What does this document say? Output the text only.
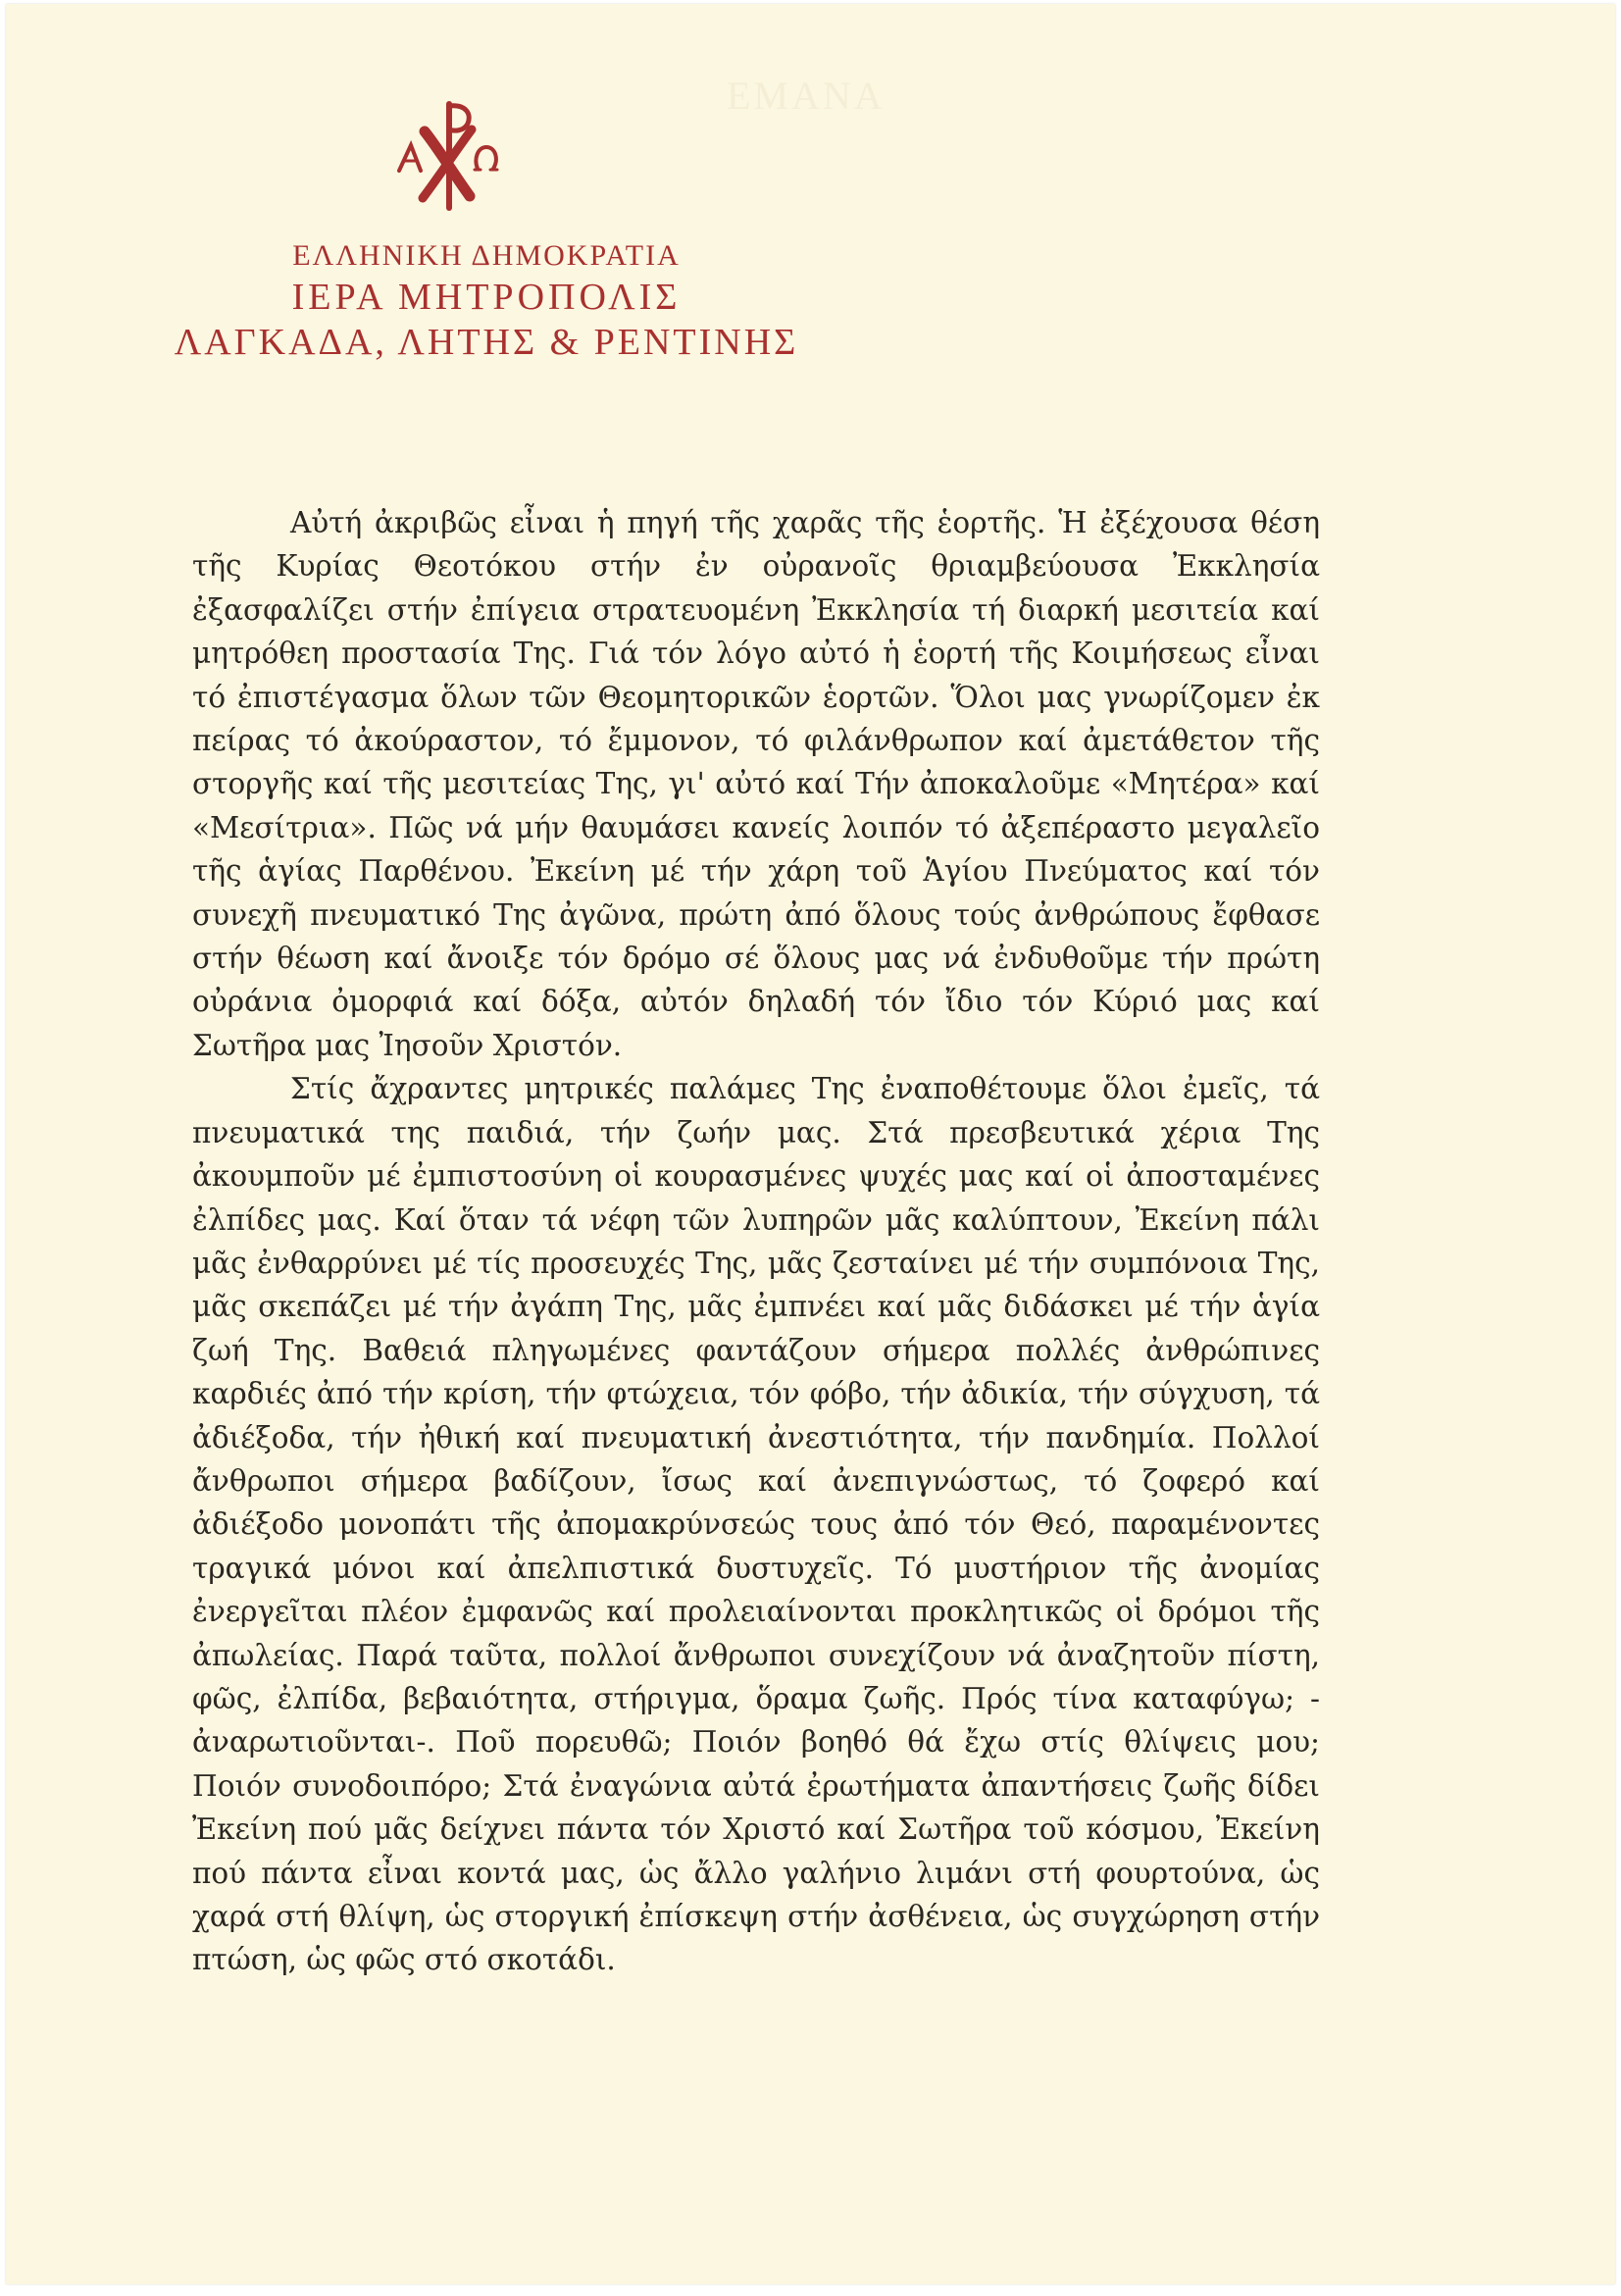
ΕΜΑΝΑ
ΕΛΛΗΝΙΚΗ ΔΗΜΟΚΡΑΤΙΑ
ΙΕΡΑ ΜΗΤΡΟΠΟΛΙΣ
ΛΑΓΚΑΔΑ, ΛΗΤΗΣ & ΡΕΝΤΙΝΗΣ

Αὐτή ἀκριβῶς εἶναι ἡ πηγή τῆς χαρᾶς τῆς ἑορτῆς. Ἡ ἐξέχουσα θέση τῆς Κυρίας Θεοτόκου στήν ἐν οὐρανοῖς θριαμβεύουσα Ἐκκλησία ἐξασφαλίζει στήν ἐπίγεια στρατευομένη Ἐκκλησία τή διαρκή μεσιτεία καί μητρόθεη προστασία Της. Γιά τόν λόγο αὐτό ἡ ἑορτή τῆς Κοιμήσεως εἶναι τό ἐπιστέγασμα ὅλων τῶν Θεομητορικῶν ἑορτῶν. Ὅλοι μας γνωρίζομεν ἐκ πείρας τό ἀκούραστον, τό ἔμμονον, τό φιλάνθρωπον καί ἀμετάθετον τῆς στοργῆς καί τῆς μεσιτείας Της, γι' αὐτό καί Τήν ἀποκαλοῦμε «Μητέρα» καί «Μεσίτρια». Πῶς νά μήν θαυμάσει κανείς λοιπόν τό ἀξεπέραστο μεγαλεῖο τῆς ἁγίας Παρθένου. Ἐκείνη μέ τήν χάρη τοῦ Ἁγίου Πνεύματος καί τόν συνεχῆ πνευματικό Της ἀγῶνα, πρώτη ἀπό ὅλους τούς ἀνθρώπους ἔφθασε στήν θέωση καί ἄνοιξε τόν δρόμο σέ ὅλους μας νά ἐνδυθοῦμε τήν πρώτη οὐράνια ὀμορφιά καί δόξα, αὐτόν δηλαδή τόν ἴδιο τόν Κύριό μας καί Σωτῆρα μας Ἰησοῦν Χριστόν.

Στίς ἄχραντες μητρικές παλάμες Της ἐναποθέτουμε ὅλοι ἐμεῖς, τά πνευματικά της παιδιά, τήν ζωήν μας. Στά πρεσβευτικά χέρια Της ἀκουμποῦν μέ ἐμπιστοσύνη οἱ κουρασμένες ψυχές μας καί οἱ ἀποσταμένες ἐλπίδες μας. Καί ὅταν τά νέφη τῶν λυπηρῶν μᾶς καλύπτουν, Ἐκείνη πάλι μᾶς ἐνθαρρύνει μέ τίς προσευχές Της, μᾶς ζεσταίνει μέ τήν συμπόνοια Της, μᾶς σκεπάζει μέ τήν ἀγάπη Της, μᾶς ἐμπνέει καί μᾶς διδάσκει μέ τήν ἁγία ζωή Της. Βαθειά πληγωμένες φαντάζουν σήμερα πολλές ἀνθρώπινες καρδιές ἀπό τήν κρίση, τήν φτώχεια, τόν φόβο, τήν ἀδικία, τήν σύγχυση, τά ἀδιέξοδα, τήν ἠθική καί πνευματική ἀνεστιότητα, τήν πανδημία. Πολλοί ἄνθρωποι σήμερα βαδίζουν, ἴσως καί ἀνεπιγνώστως, τό ζοφερό καί ἀδιέξοδο μονοπάτι τῆς ἀπομακρύνσεώς τους ἀπό τόν Θεό, παραμένοντες τραγικά μόνοι καί ἀπελπιστικά δυστυχεῖς. Τό μυστήριον τῆς ἀνομίας ἐνεργεῖται πλέον ἐμφανῶς καί προλειαίνονται προκλητικῶς οἱ δρόμοι τῆς ἀπωλείας. Παρά ταῦτα, πολλοί ἄνθρωποι συνεχίζουν νά ἀναζητοῦν πίστη, φῶς, ἐλπίδα, βεβαιότητα, στήριγμα, ὅραμα ζωῆς. Πρός τίνα καταφύγω; - ἀναρωτιοῦνται-. Ποῦ πορευθῶ; Ποιόν βοηθό θά ἔχω στίς θλίψεις μου; Ποιόν συνοδοιπόρο; Στά ἐναγώνια αὐτά ἐρωτήματα ἀπαντήσεις ζωῆς δίδει Ἐκείνη πού μᾶς δείχνει πάντα τόν Χριστό καί Σωτῆρα τοῦ κόσμου, Ἐκείνη πού πάντα εἶναι κοντά μας, ὡς ἄλλο γαλήνιο λιμάνι στή φουρτούνα, ὡς χαρά στή θλίψη, ὡς στοργική ἐπίσκεψη στήν ἀσθένεια, ὡς συγχώρηση στήν πτώση, ὡς φῶς στό σκοτάδι.
